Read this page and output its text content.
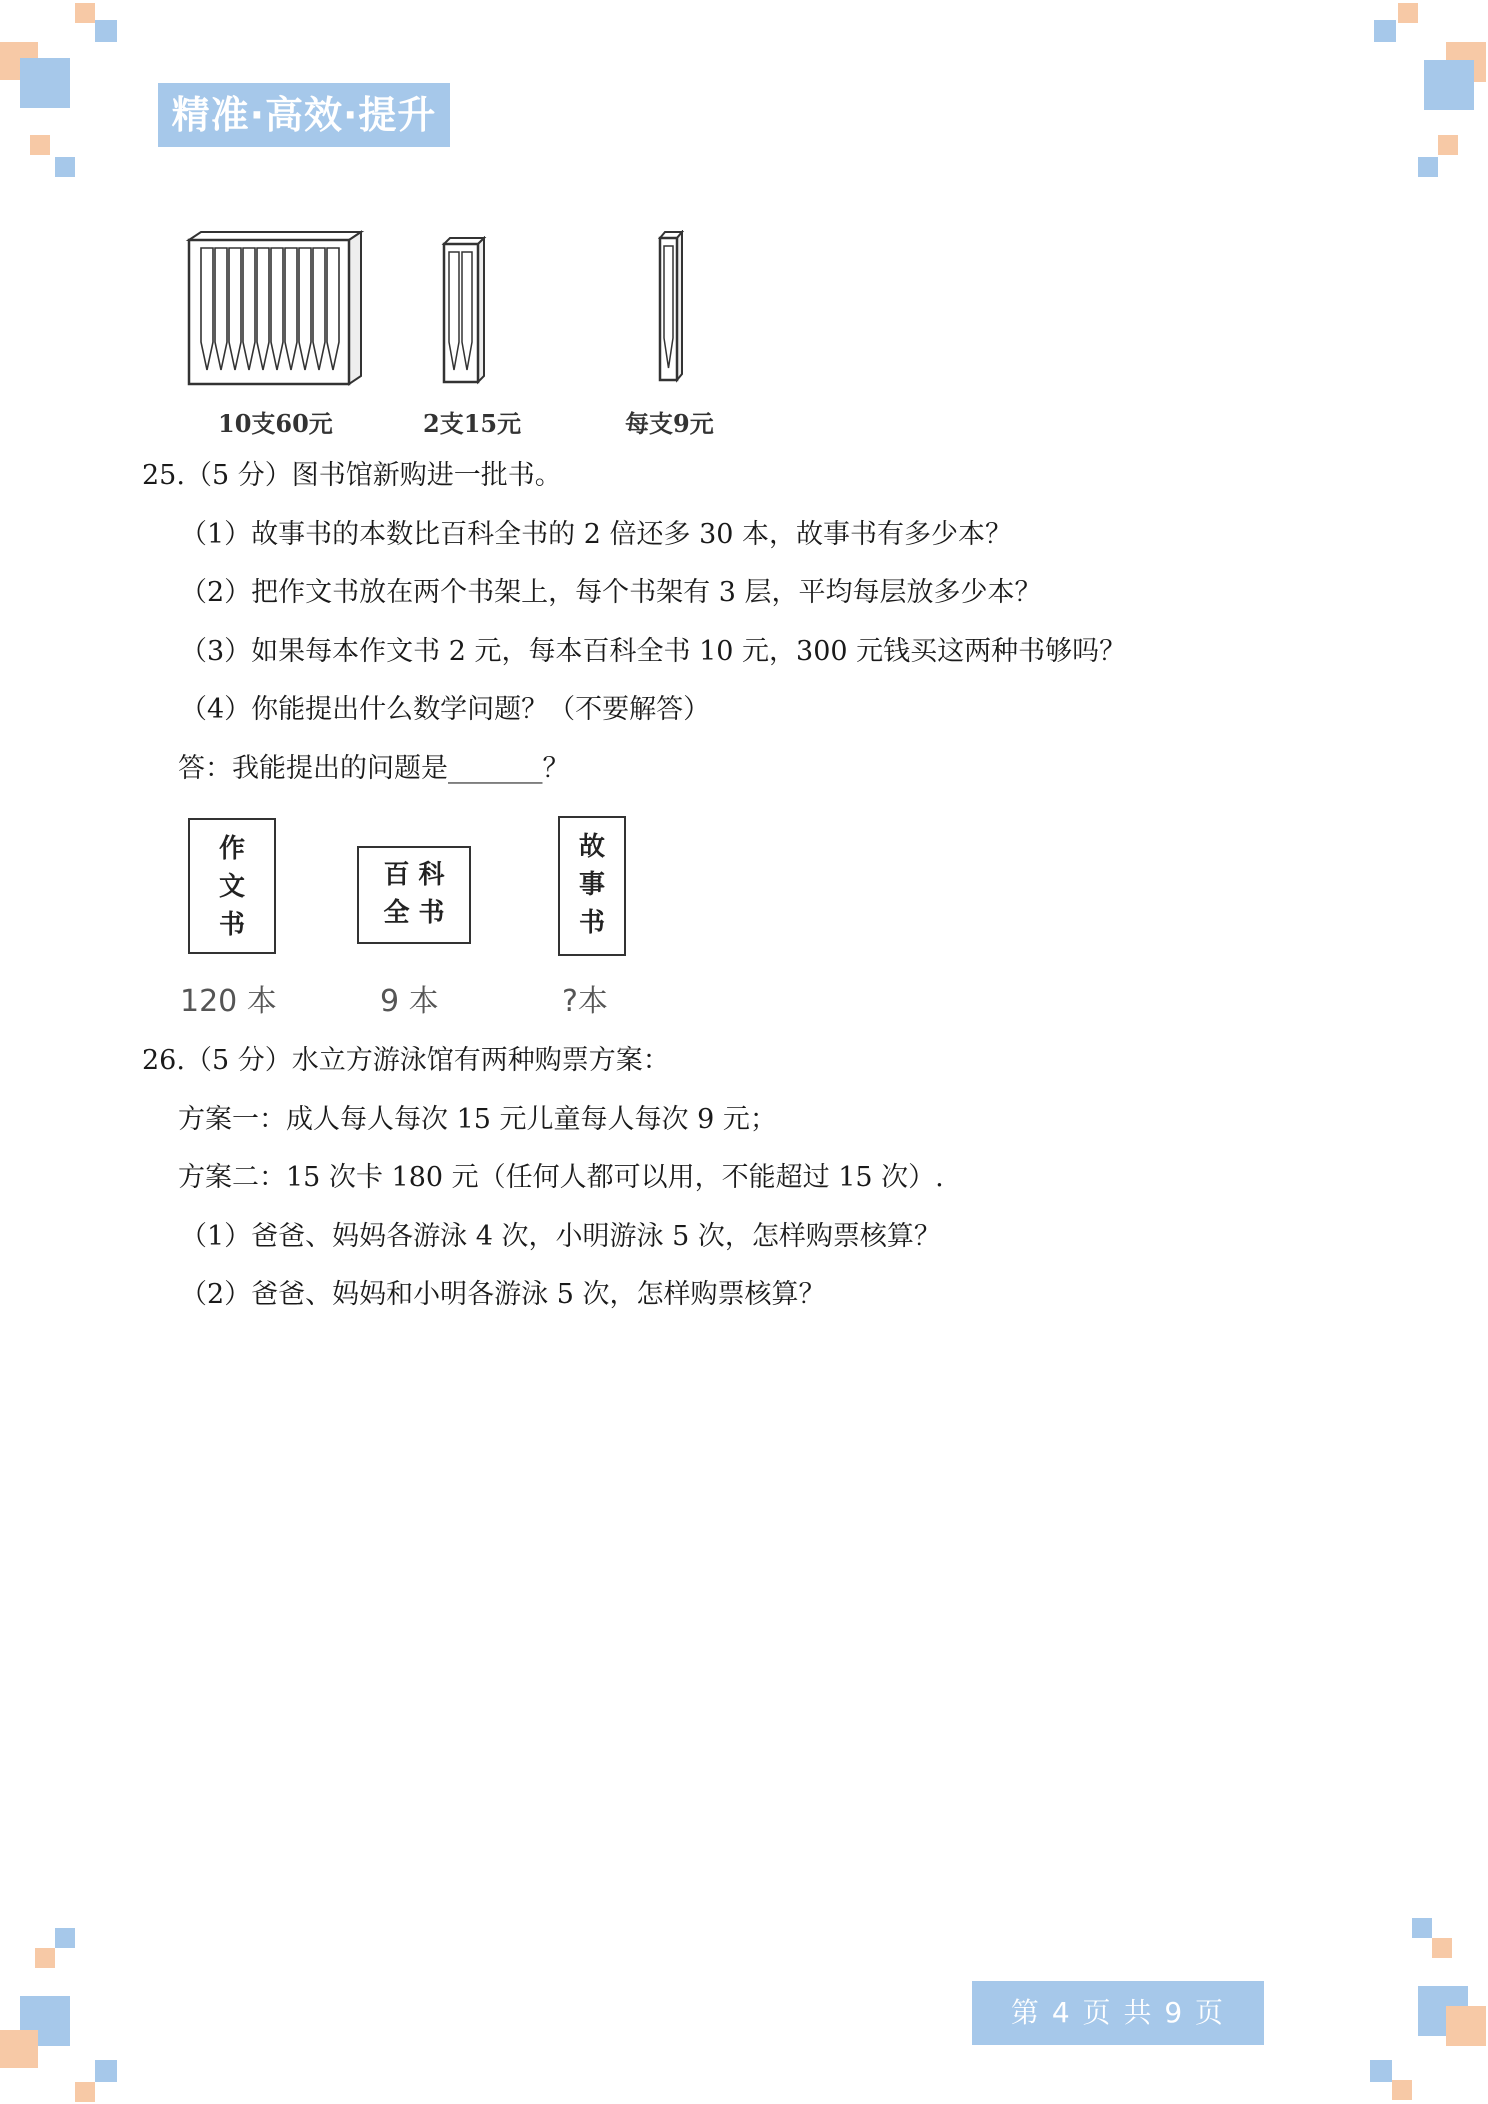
精准·高效·提升
10支60元	2支15元	每支9元
25.（5 分）图书馆新购进一批书。
（1）故事书的本数比百科全书的 2 倍还多 30 本，故事书有多少本？
（2）把作文书放在两个书架上，每个书架有 3 层，平均每层放多少本？
（3）如果每本作文书 2 元，每本百科全书 10 元，300 元钱买这两种书够吗？
（4）你能提出什么数学问题？（不要解答）
答：我能提出的问题是_______？
作
文
书
120 本
百 科
全 书
9 本
故
事
书
?本
26.（5 分）水立方游泳馆有两种购票方案：
方案一：成人每人每次 15 元儿童每人每次 9 元；
方案二：15 次卡 180 元（任何人都可以用，不能超过 15 次）.
（1）爸爸、妈妈各游泳 4 次，小明游泳 5 次，怎样购票核算？
（2）爸爸、妈妈和小明各游泳 5 次，怎样购票核算？
第 4 页 共 9 页
